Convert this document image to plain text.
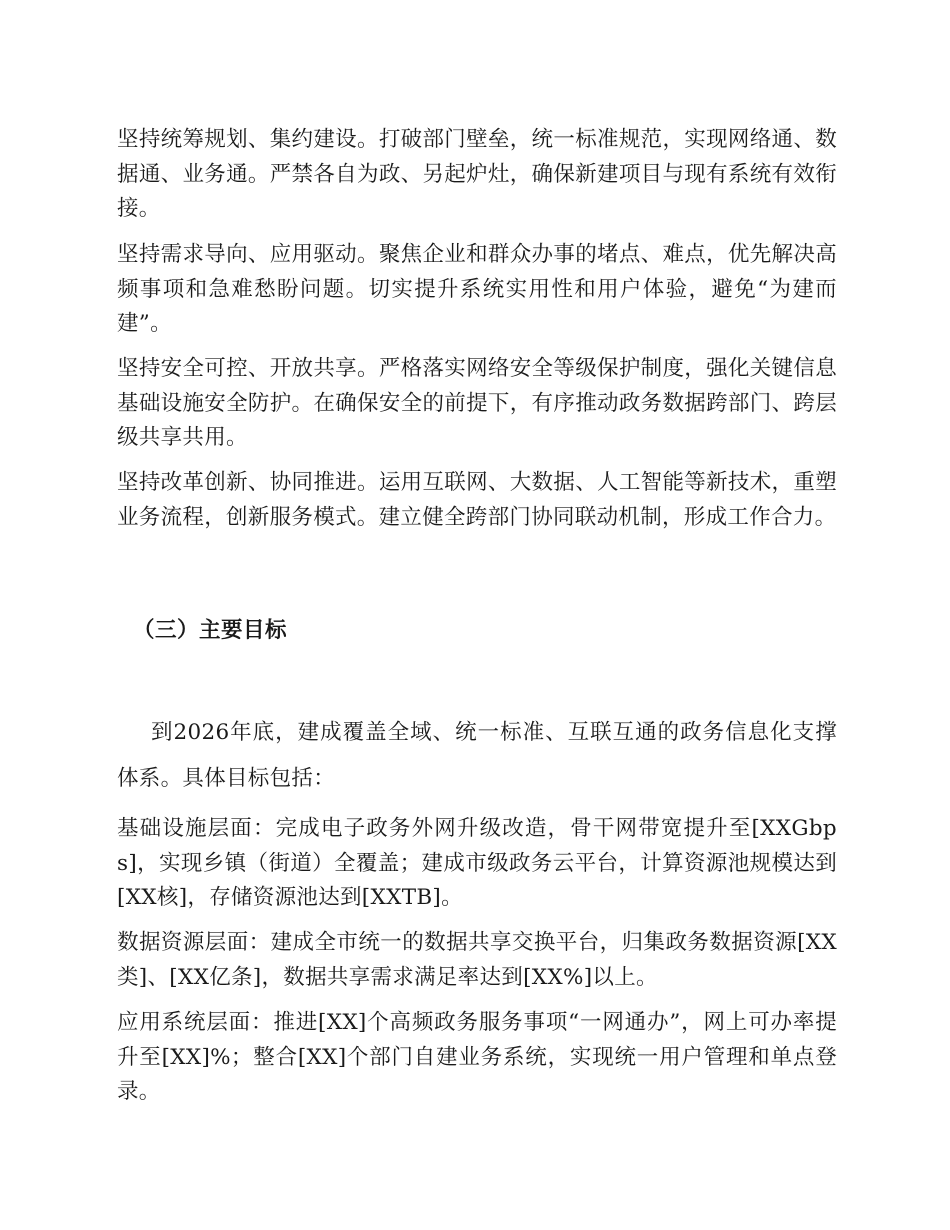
坚持统筹规划、集约建设。打破部门壁垒，统一标准规范，实现网络通、数据通、业务通。严禁各自为政、另起炉灶，确保新建项目与现有系统有效衔接。

坚持需求导向、应用驱动。聚焦企业和群众办事的堵点、难点，优先解决高频事项和急难愁盼问题。切实提升系统实用性和用户体验，避免“为建而建”。

坚持安全可控、开放共享。严格落实网络安全等级保护制度，强化关键信息基础设施安全防护。在确保安全的前提下，有序推动政务数据跨部门、跨层级共享共用。

坚持改革创新、协同推进。运用互联网、大数据、人工智能等新技术，重塑业务流程，创新服务模式。建立健全跨部门协同联动机制，形成工作合力。

（三）主要目标

到2026年底，建成覆盖全域、统一标准、互联互通的政务信息化支撑体系。具体目标包括：

基础设施层面：完成电子政务外网升级改造，骨干网带宽提升至[XXGbps]，实现乡镇（街道）全覆盖；建成市级政务云平台，计算资源池规模达到[XX核]，存储资源池达到[XXTB]。

数据资源层面：建成全市统一的数据共享交换平台，归集政务数据资源[XX类]、[XX亿条]，数据共享需求满足率达到[XX%]以上。

应用系统层面：推进[XX]个高频政务服务事项“一网通办”，网上可办率提升至[XX]%；整合[XX]个部门自建业务系统，实现统一用户管理和单点登录。
